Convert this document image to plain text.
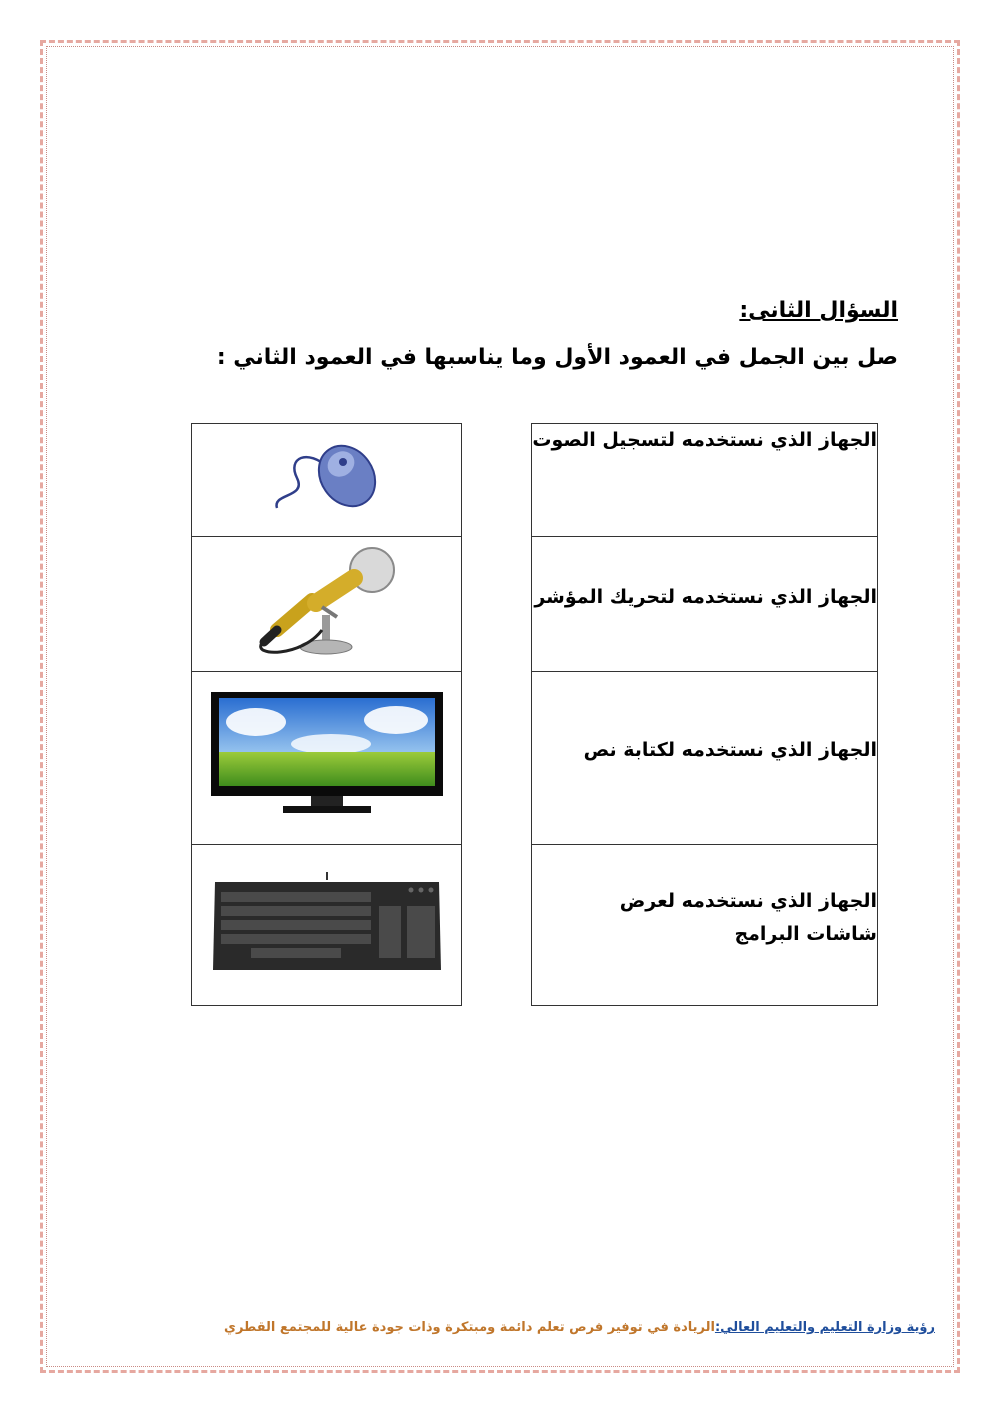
السؤال الثانى:
صل بين الجمل في العمود الأول وما يناسبها في العمود الثاني :

الجهاز الذي نستخدمه لتسجيل الصوت
الجهاز الذي نستخدمه لتحريك المؤشر
الجهاز الذي نستخدمه لكتابة نص
الجهاز الذي نستخدمه لعرض شاشات البرامج
رؤية وزارة التعليم والتعليم العالي:الريادة في توفير فرص تعلم دائمة ومبتكرة وذات جودة عالية للمجتمع القطري
